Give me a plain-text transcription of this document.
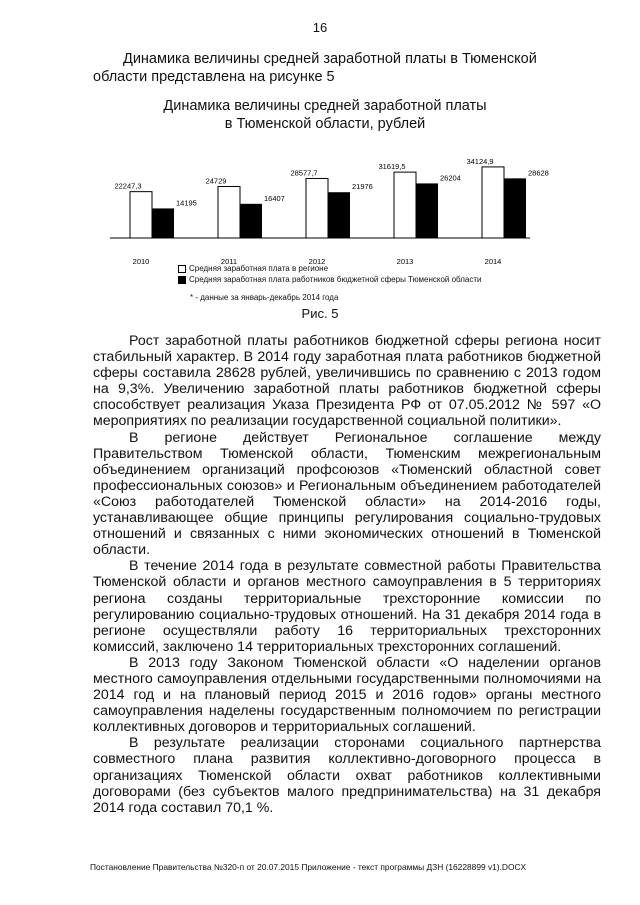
16
Динамика величины средней заработной платы в Тюменской области представлена на рисунке 5
Динамика величины средней заработной платы
в Тюменской области, рублей
22247,3
14195
2010
24729
16407
2011
28577,7
21976
2012
31619,5
26204
2013
34124,9
28628
2014
Средняя заработная плата в регионе
Средняя заработная плата работников бюджетной сферы Тюменской области
* - данные за январь-декабрь 2014 года
Рис. 5

Рост заработной платы работников бюджетной сферы региона носит стабильный характер. В 2014 году заработная плата работников бюджетной сферы составила 28628 рублей, увеличившись по сравнению с 2013 годом на 9,3%. Увеличению заработной платы работников бюджетной сферы способствует реализация Указа Президента РФ от 07.05.2012 № 597 «О мероприятиях по реализации государственной социальной политики».

В регионе действует Региональное соглашение между Правительством Тюменской области, Тюменским межрегиональным объединением организаций профсоюзов «Тюменский областной совет профессиональных союзов» и Региональным объединением работодателей «Союз работодателей Тюменской области» на 2014-2016 годы, устанавливающее общие принципы регулирования социально-трудовых отношений и связанных с ними экономических отношений в Тюменской области.

В течение 2014 года в результате совместной работы Правительства Тюменской области и органов местного самоуправления в 5 территориях региона созданы территориальные трехсторонние комиссии по регулированию социально-трудовых отношений. На 31 декабря 2014 года в регионе осуществляли работу 16 территориальных трехсторонних комиссий, заключено 14 территориальных трехсторонних соглашений.

В 2013 году Законом Тюменской области «О наделении органов местного самоуправления отдельными государственными полномочиями на 2014 год и на плановый период 2015 и 2016 годов» органы местного самоуправления наделены государственным полномочием по регистрации коллективных договоров и территориальных соглашений.

В результате реализации сторонами социального партнерства совместного плана развития коллективно-договорного процесса в организациях Тюменской области охват работников коллективными договорами (без субъектов малого предпринимательства) на 31 декабря 2014 года составил 70,1 %.

Постановление Правительства №320-п от 20.07.2015 Приложение - текст программы ДЗН (16228899 v1).DOCX
